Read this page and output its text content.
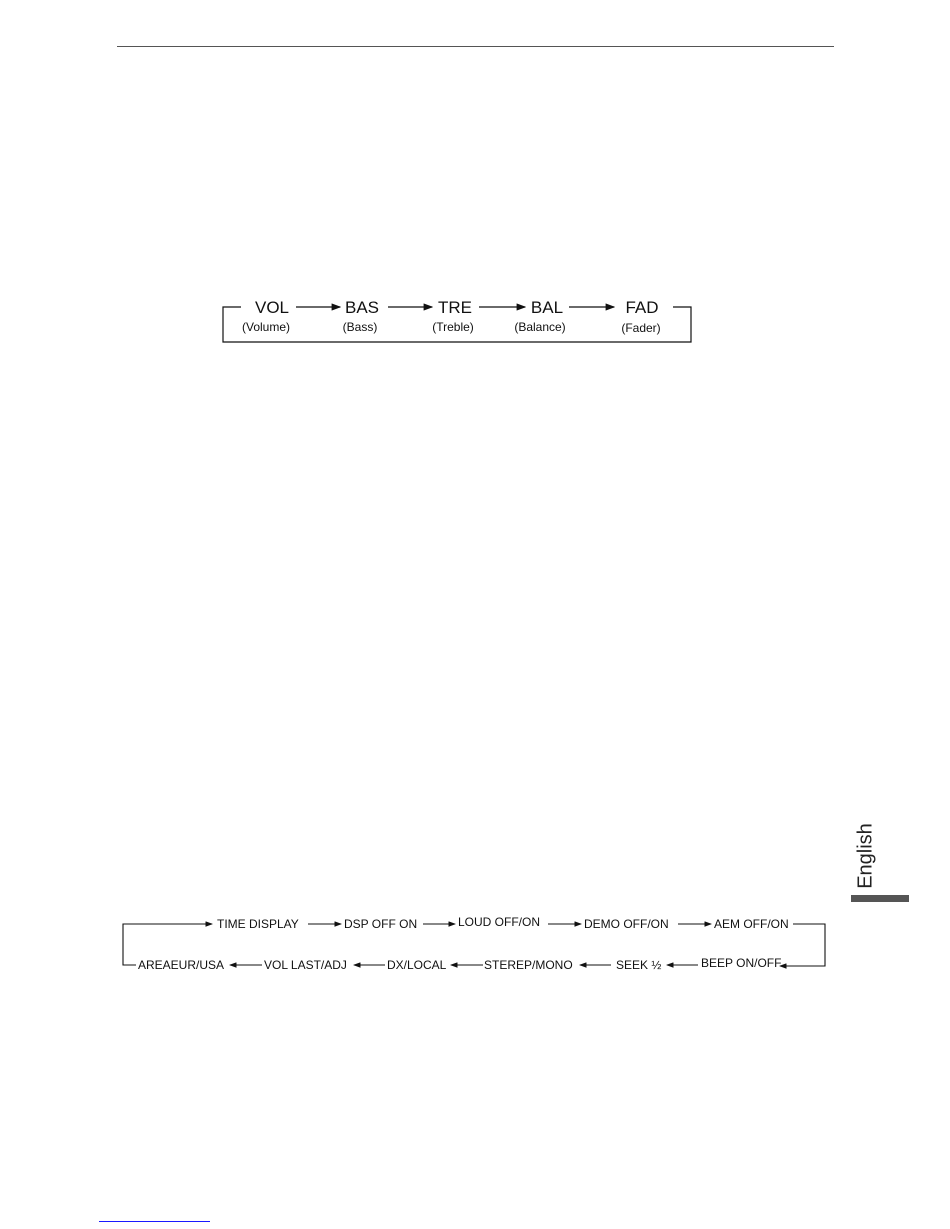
VOL
(Volume)
BAS
(Bass)
TRE
(Treble)
BAL
(Balance)
FAD
(Fader)
English
TIME DISPLAY	DSP OFF ON	LOUD OFF/ON	DEMO OFF/ON	AEM OFF/ON
AREAEUR/USA	VOL LAST/ADJ	DX/LOCAL	STEREP/MONO	SEEK ½	BEEP ON/OFF
